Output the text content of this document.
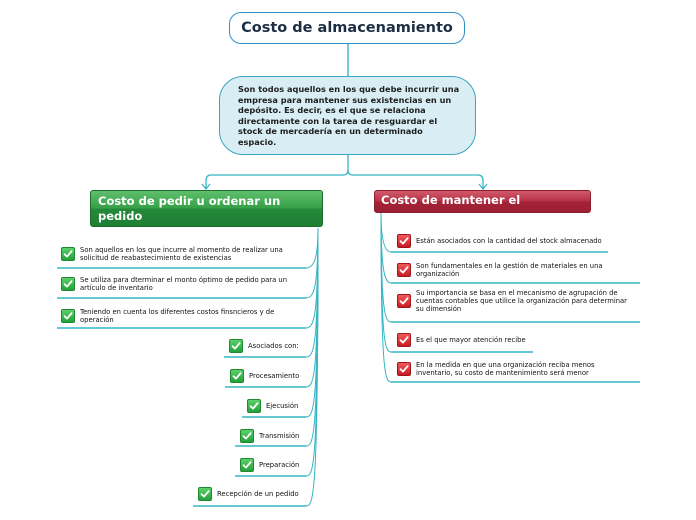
Costo de almacenamiento
Son todos aquellos en los que debe incurrir una empresa para mantener sus existencias en un depósito. Es decir, es el que se relaciona directamente con la tarea de resguardar el stock de mercadería en un determinado espacio.
Costo de pedir u ordenar un
pedido
Costo de mantener el inventario
Son aquellos en los que incurre al momento de realizar una
solicitud de reabastecimiento de existencias
Se utiliza para dterminar el monto óptimo de pedido para un
artículo de inventario
Teniendo en cuenta los diferentes costos finsncieros y de
operación
Asociados con:
Procesamiento
Ejecusión
Transmisión
Preparación
Recepción de un pedido
Están asociados con la cantidad del stock almacenado
Son fundamentales en la gestión de materiales en una
organización
Su importancia se basa en el mecanismo de agrupación de
cuentas contables que utilice la organización para determinar
su dimensión
Es el que mayor atención recibe
En la medida en que una organización reciba menos
inventario, su costo de mantenimiento será menor
